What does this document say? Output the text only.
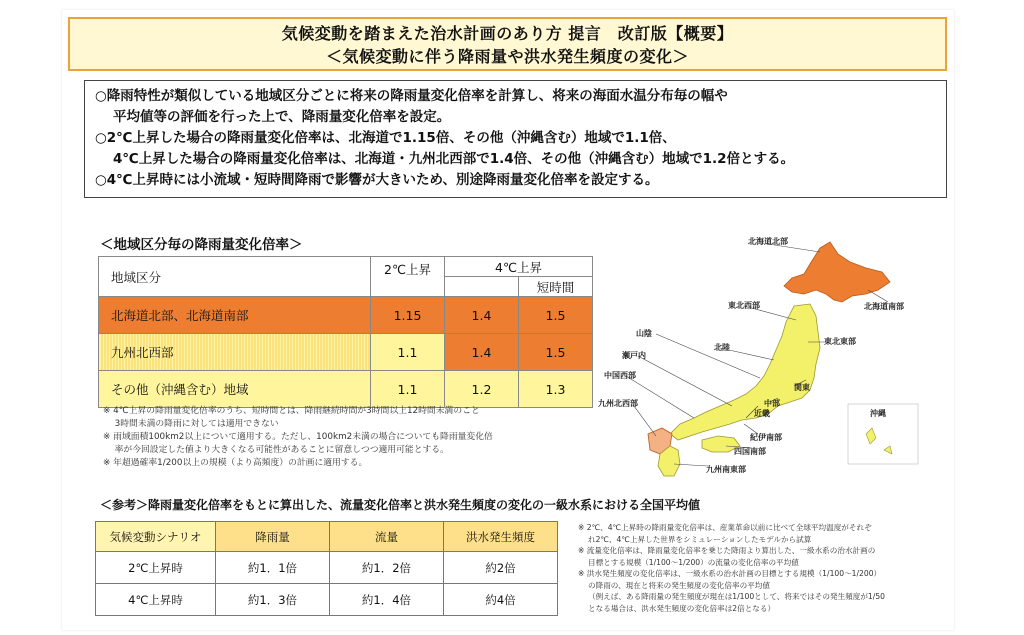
気候変動を踏まえた治水計画のあり方 提言　改訂版【概要】
＜気候変動に伴う降雨量や洪水発生頻度の変化＞
○降雨特性が類似している地域区分ごとに将来の降雨量変化倍率を計算し、将来の海面水温分布毎の幅や
平均値等の評価を行った上で、降雨量変化倍率を設定。
○2℃上昇した場合の降雨量変化倍率は、北海道で1.15倍、その他（沖縄含む）地域で1.1倍、
4℃上昇した場合の降雨量変化倍率は、北海道・九州北西部で1.4倍、その他（沖縄含む）地域で1.2倍とする。
○4℃上昇時には小流域・短時間降雨で影響が大きいため、別途降雨量変化倍率を設定する。
＜地域区分毎の降雨量変化倍率＞
地域区分	2℃上昇	4℃上昇	
			短時間
北海道北部、北海道南部	1.15	1.4	1.5
九州北西部	1.1	1.4	1.5
その他（沖縄含む）地域	1.1	1.2	1.3
※ 4℃上昇の降雨量変化倍率のうち、短時間とは、降雨継続時間が3時間以上12時間未満のこと
　 3時間未満の降雨に対しては適用できない
※ 雨域面積100km2以上について適用する。ただし、100km2未満の場合についても降雨量変化倍
　 率が今回設定した値より大きくなる可能性があることに留意しつつ適用可能とする。
※ 年超過確率1/200以上の規模（より高頻度）の計画に適用する。
北海道北部
北海道南部
東北西部
東北東部
山陰
北陸
関東
瀬戸内
中部
中国西部
近畿
九州北西部
紀伊南部
四国南部
九州南東部
沖縄
＜参考＞降雨量変化倍率をもとに算出した、流量変化倍率と洪水発生頻度の変化の一級水系における全国平均値
気候変動シナリオ	降雨量	流量	洪水発生頻度
2℃上昇時	約1．1倍	約1．2倍	約2倍
4℃上昇時	約1．3倍	約1．4倍	約4倍
※ 2℃、4℃上昇時の降雨量変化倍率は、産業革命以前に比べて全球平均温度がそれぞ
　 れ2℃、4℃上昇した世界をシミュレーションしたモデルから試算
※ 流量変化倍率は、降雨量変化倍率を乗じた降雨より算出した、一級水系の治水計画の
　 目標とする規模（1/100～1/200）の流量の変化倍率の平均値
※ 洪水発生頻度の変化倍率は、一級水系の治水計画の目標とする規模（1/100～1/200）
　 の降雨の、現在と将来の発生頻度の変化倍率の平均値
　 （例えば、ある降雨量の発生頻度が現在は1/100として、将来ではその発生頻度が1/50
　 となる場合は、洪水発生頻度の変化倍率は2倍となる）
